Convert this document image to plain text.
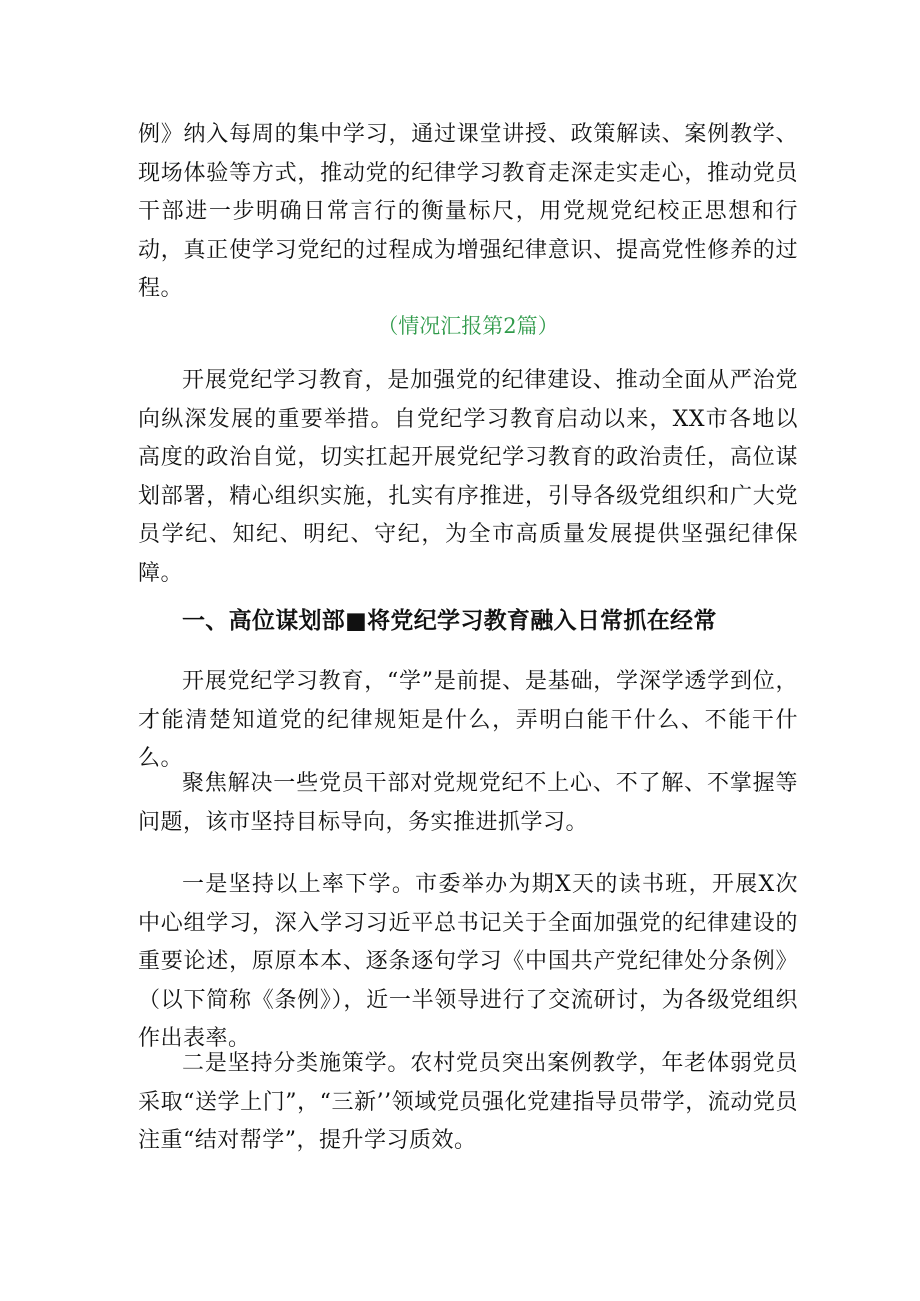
例》纳入每周的集中学习，通过课堂讲授、政策解读、案例教学、现场体验等方式，推动党的纪律学习教育走深走实走心，推动党员干部进一步明确日常言行的衡量标尺，用党规党纪校正思想和行动，真正使学习党纪的过程成为增强纪律意识、提高党性修养的过程。

（情况汇报第2篇）

开展党纪学习教育，是加强党的纪律建设、推动全面从严治党向纵深发展的重要举措。自党纪学习教育启动以来，XX市各地以高度的政治自觉，切实扛起开展党纪学习教育的政治责任，高位谋划部署，精心组织实施，扎实有序推进，引导各级党组织和广大党员学纪、知纪、明纪、守纪，为全市高质量发展提供坚强纪律保障。

一、高位谋划部■将党纪学习教育融入日常抓在经常

开展党纪学习教育，“学”是前提、是基础，学深学透学到位，才能清楚知道党的纪律规矩是什么，弄明白能干什么、不能干什么。

聚焦解决一些党员干部对党规党纪不上心、不了解、不掌握等问题，该市坚持目标导向，务实推进抓学习。

一是坚持以上率下学。市委举办为期X天的读书班，开展X次中心组学习，深入学习习近平总书记关于全面加强党的纪律建设的重要论述，原原本本、逐条逐句学习《中国共产党纪律处分条例》（以下简称《条例》），近一半领导进行了交流研讨，为各级党组织作出表率。

二是坚持分类施策学。农村党员突出案例教学，年老体弱党员采取“送学上门”，“三新’’领域党员强化党建指导员带学，流动党员注重“结对帮学”，提升学习质效。
